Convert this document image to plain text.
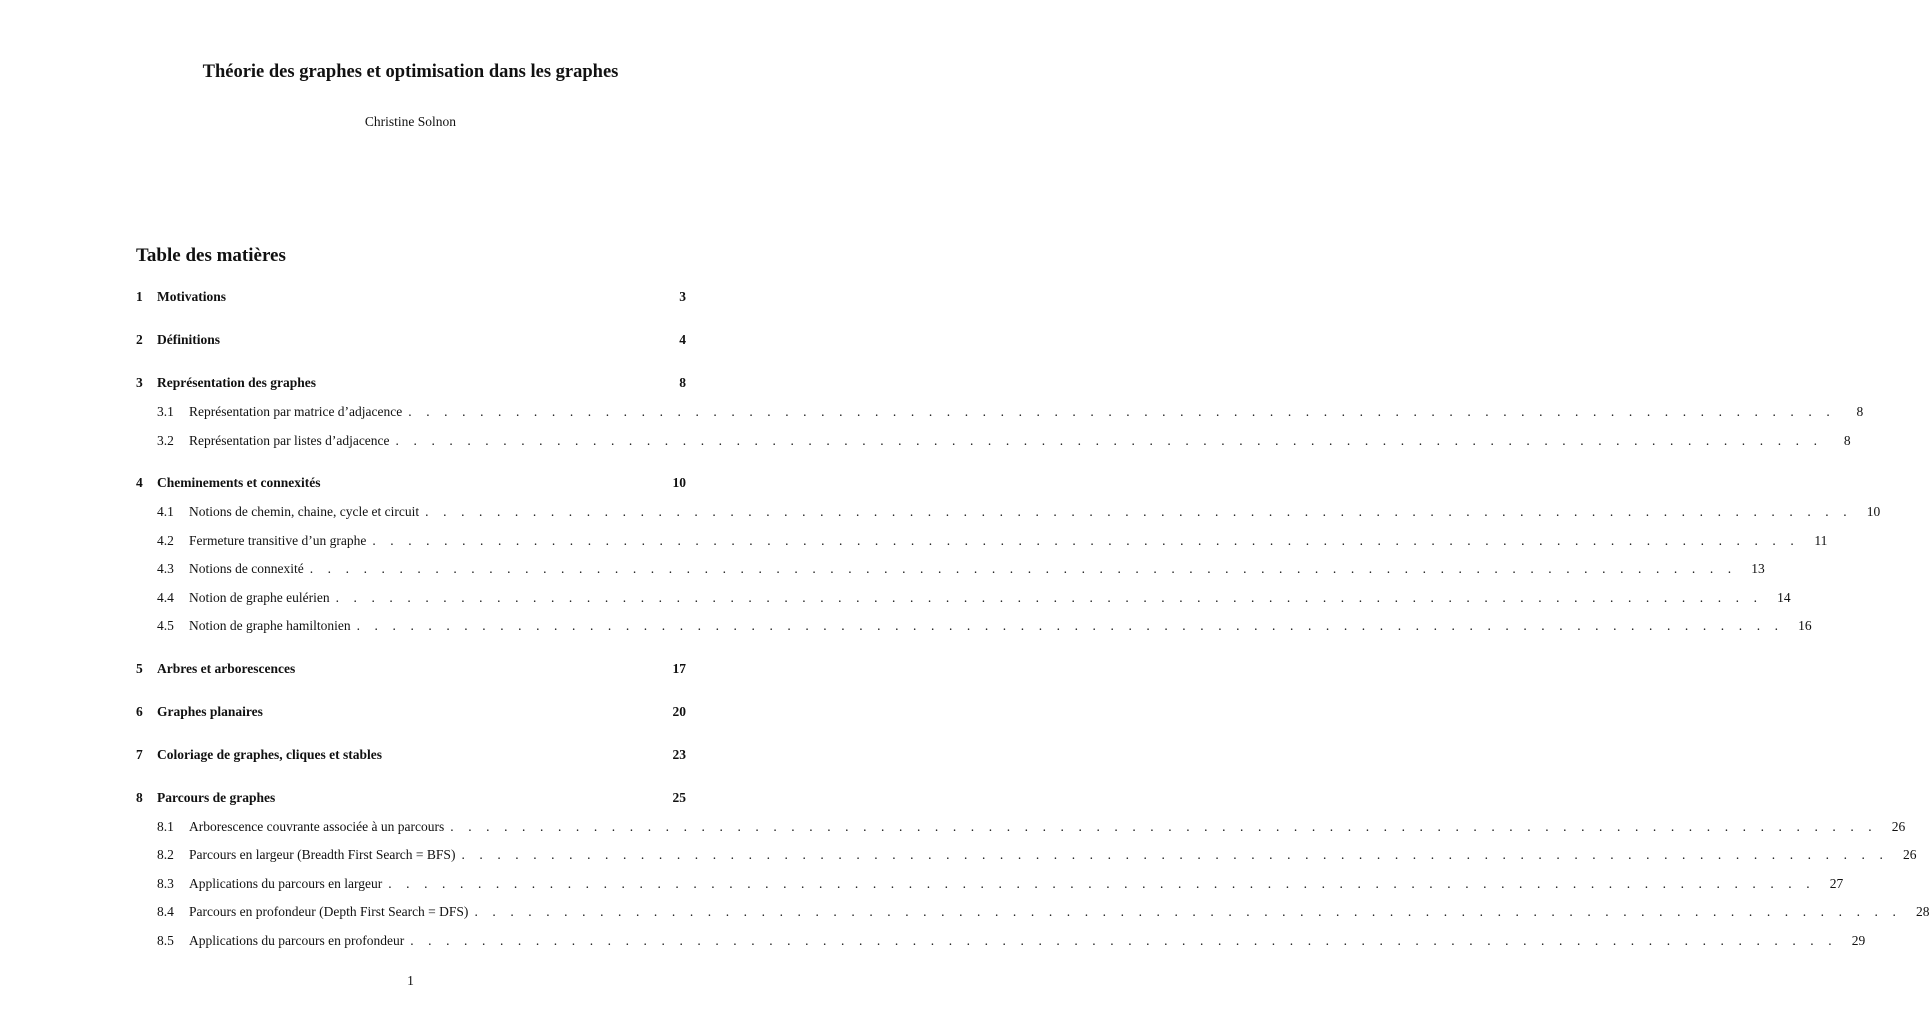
Théorie des graphes et optimisation dans les graphes
Christine Solnon
Table des matières
1	Motivations	3
2	Définitions	4
3	Représentation des graphes	8
3.1	Représentation par matrice d’adjacence . . . . . . . . . . . . . . . . . . . . . . . . . . . . . . . . . . . . . . . . . . . . . . . . . . . . . . . . . . . . . . . . . . . . . . . . . . . . . . . .	8
3.2	Représentation par listes d’adjacence . . . . . . . . . . . . . . . . . . . . . . . . . . . . . . . . . . . . . . . . . . . . . . . . . . . . . . . . . . . . . . . . . . . . . . . . . . . . . . . .	8
4	Cheminements et connexités	10
4.1	Notions de chemin, chaine, cycle et circuit . . . . . . . . . . . . . . . . . . . . . . . . . . . . . . . . . . . . . . . . . . . . . . . . . . . . . . . . . . . . . . . . . . . . . . . . . . . . . . . .	10
4.2	Fermeture transitive d’un graphe . . . . . . . . . . . . . . . . . . . . . . . . . . . . . . . . . . . . . . . . . . . . . . . . . . . . . . . . . . . . . . . . . . . . . . . . . . . . . . . .	11
4.3	Notions de connexité . . . . . . . . . . . . . . . . . . . . . . . . . . . . . . . . . . . . . . . . . . . . . . . . . . . . . . . . . . . . . . . . . . . . . . . . . . . . . . . .	13
4.4	Notion de graphe eulérien . . . . . . . . . . . . . . . . . . . . . . . . . . . . . . . . . . . . . . . . . . . . . . . . . . . . . . . . . . . . . . . . . . . . . . . . . . . . . . . .	14
4.5	Notion de graphe hamiltonien . . . . . . . . . . . . . . . . . . . . . . . . . . . . . . . . . . . . . . . . . . . . . . . . . . . . . . . . . . . . . . . . . . . . . . . . . . . . . . . .	16
5	Arbres et arborescences	17
6	Graphes planaires	20
7	Coloriage de graphes, cliques et stables	23
8	Parcours de graphes	25
8.1	Arborescence couvrante associée à un parcours . . . . . . . . . . . . . . . . . . . . . . . . . . . . . . . . . . . . . . . . . . . . . . . . . . . . . . . . . . . . . . . . . . . . . . . . . . . . . . . .	26
8.2	Parcours en largeur (Breadth First Search = BFS) . . . . . . . . . . . . . . . . . . . . . . . . . . . . . . . . . . . . . . . . . . . . . . . . . . . . . . . . . . . . . . . . . . . . . . . . . . . . . . . .	26
8.3	Applications du parcours en largeur . . . . . . . . . . . . . . . . . . . . . . . . . . . . . . . . . . . . . . . . . . . . . . . . . . . . . . . . . . . . . . . . . . . . . . . . . . . . . . . .	27
8.4	Parcours en profondeur (Depth First Search = DFS) . . . . . . . . . . . . . . . . . . . . . . . . . . . . . . . . . . . . . . . . . . . . . . . . . . . . . . . . . . . . . . . . . . . . . . . . . . . . . . . .	28
8.5	Applications du parcours en profondeur . . . . . . . . . . . . . . . . . . . . . . . . . . . . . . . . . . . . . . . . . . . . . . . . . . . . . . . . . . . . . . . . . . . . . . . . . . . . . . . .	29
1
